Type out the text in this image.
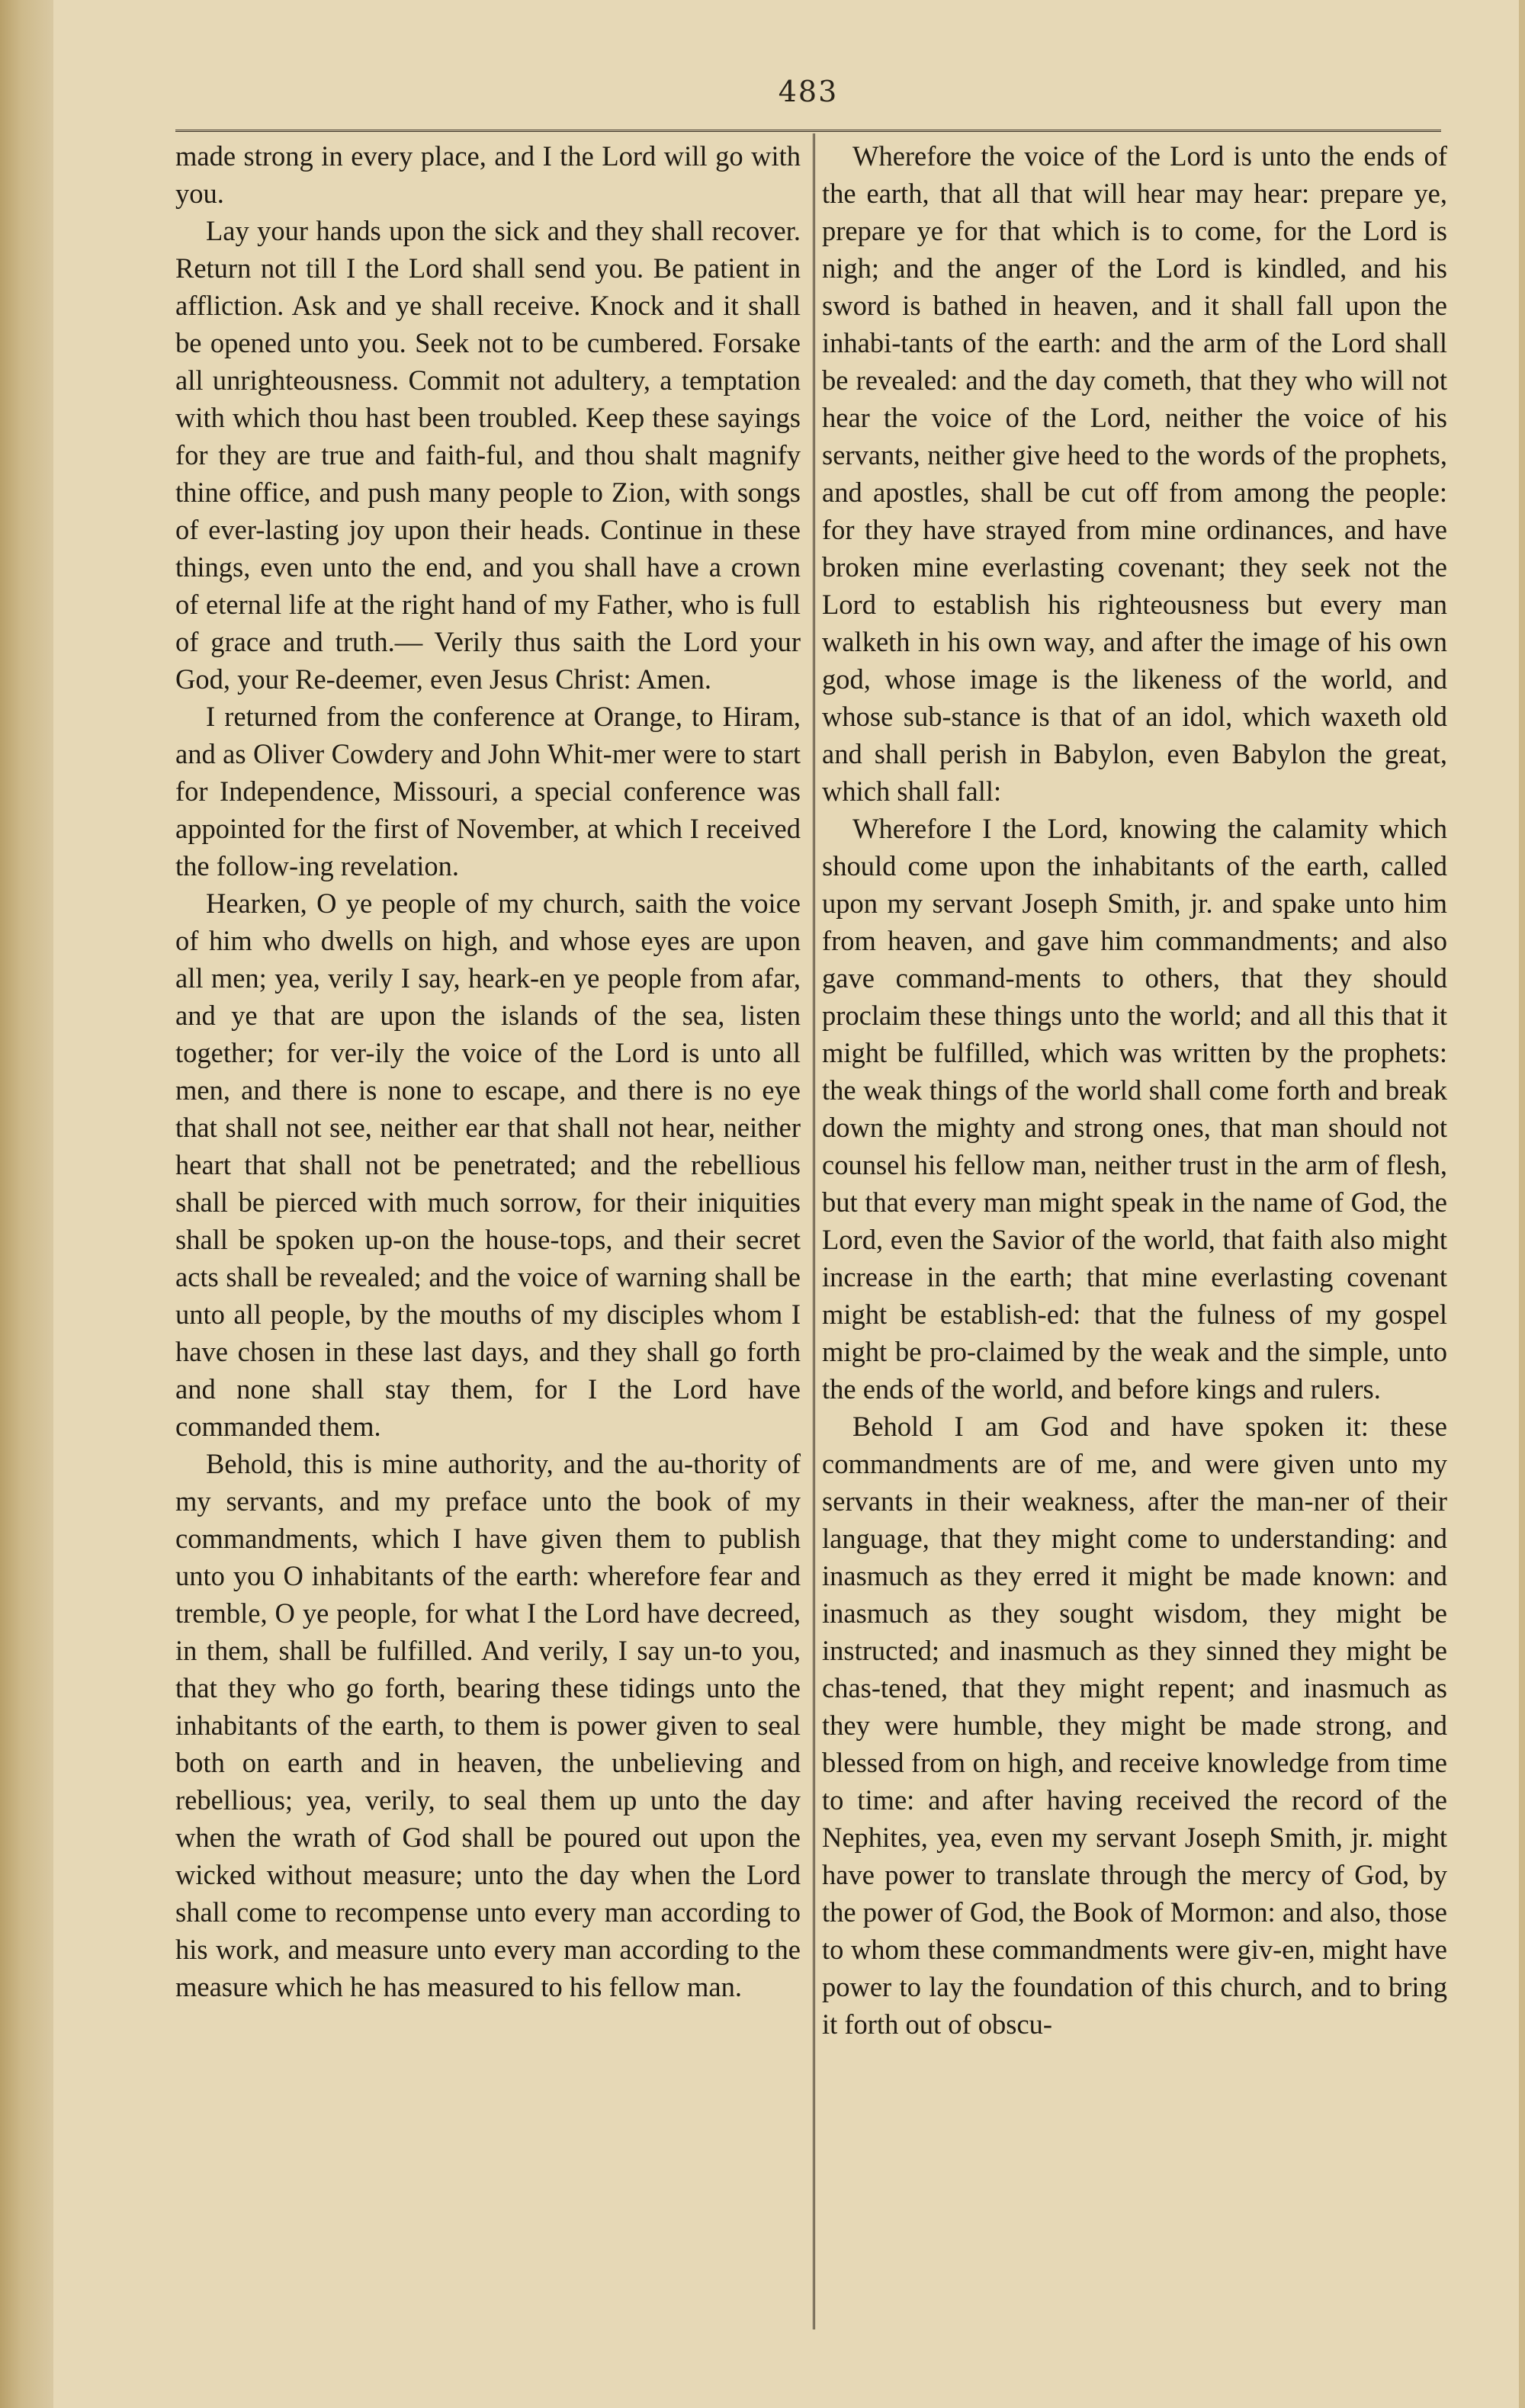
483

made strong in every place, and I the Lord will go with you.

Lay your hands upon the sick and they shall recover. Return not till I the Lord shall send you. Be patient in affliction. Ask and ye shall receive. Knock and it shall be opened unto you. Seek not to be cumbered. Forsake all unrighteousness. Commit not adultery, a temptation with which thou hast been troubled. Keep these sayings for they are true and faith-ful, and thou shalt magnify thine office, and push many people to Zion, with songs of ever-lasting joy upon their heads. Continue in these things, even unto the end, and you shall have a crown of eternal life at the right hand of my Father, who is full of grace and truth.— Verily thus saith the Lord your God, your Re-deemer, even Jesus Christ: Amen.

I returned from the conference at Orange, to Hiram, and as Oliver Cowdery and John Whit-mer were to start for Independence, Missouri, a special conference was appointed for the first of November, at which I received the follow-ing revelation.

Hearken, O ye people of my church, saith the voice of him who dwells on high, and whose eyes are upon all men; yea, verily I say, heark-en ye people from afar, and ye that are upon the islands of the sea, listen together; for ver-ily the voice of the Lord is unto all men, and there is none to escape, and there is no eye that shall not see, neither ear that shall not hear, neither heart that shall not be penetrated; and the rebellious shall be pierced with much sorrow, for their iniquities shall be spoken up-on the house-tops, and their secret acts shall be revealed; and the voice of warning shall be unto all people, by the mouths of my disciples whom I have chosen in these last days, and they shall go forth and none shall stay them, for I the Lord have commanded them.

Behold, this is mine authority, and the au-thority of my servants, and my preface unto the book of my commandments, which I have given them to publish unto you O inhabitants of the earth: wherefore fear and tremble, O ye people, for what I the Lord have decreed, in them, shall be fulfilled. And verily, I say un-to you, that they who go forth, bearing these tidings unto the inhabitants of the earth, to them is power given to seal both on earth and in heaven, the unbelieving and rebellious; yea, verily, to seal them up unto the day when the wrath of God shall be poured out upon the wicked without measure; unto the day when the Lord shall come to recompense unto every man according to his work, and measure unto every man according to the measure which he has measured to his fellow man.

Wherefore the voice of the Lord is unto the ends of the earth, that all that will hear may hear: prepare ye, prepare ye for that which is to come, for the Lord is nigh; and the anger of the Lord is kindled, and his sword is bathed in heaven, and it shall fall upon the inhabi-tants of the earth: and the arm of the Lord shall be revealed: and the day cometh, that they who will not hear the voice of the Lord, neither the voice of his servants, neither give heed to the words of the prophets, and apostles, shall be cut off from among the people: for they have strayed from mine ordinances, and have broken mine everlasting covenant; they seek not the Lord to establish his righteousness but every man walketh in his own way, and after the image of his own god, whose image is the likeness of the world, and whose sub-stance is that of an idol, which waxeth old and shall perish in Babylon, even Babylon the great, which shall fall:

Wherefore I the Lord, knowing the calamity which should come upon the inhabitants of the earth, called upon my servant Joseph Smith, jr. and spake unto him from heaven, and gave him commandments; and also gave command-ments to others, that they should proclaim these things unto the world; and all this that it might be fulfilled, which was written by the prophets: the weak things of the world shall come forth and break down the mighty and strong ones, that man should not counsel his fellow man, neither trust in the arm of flesh, but that every man might speak in the name of God, the Lord, even the Savior of the world, that faith also might increase in the earth; that mine everlasting covenant might be establish-ed: that the fulness of my gospel might be pro-claimed by the weak and the simple, unto the ends of the world, and before kings and rulers.

Behold I am God and have spoken it: these commandments are of me, and were given unto my servants in their weakness, after the man-ner of their language, that they might come to understanding: and inasmuch as they erred it might be made known: and inasmuch as they sought wisdom, they might be instructed; and inasmuch as they sinned they might be chas-tened, that they might repent; and inasmuch as they were humble, they might be made strong, and blessed from on high, and receive knowledge from time to time: and after having received the record of the Nephites, yea, even my servant Joseph Smith, jr. might have power to translate through the mercy of God, by the power of God, the Book of Mormon: and also, those to whom these commandments were giv-en, might have power to lay the foundation of this church, and to bring it forth out of obscu-
